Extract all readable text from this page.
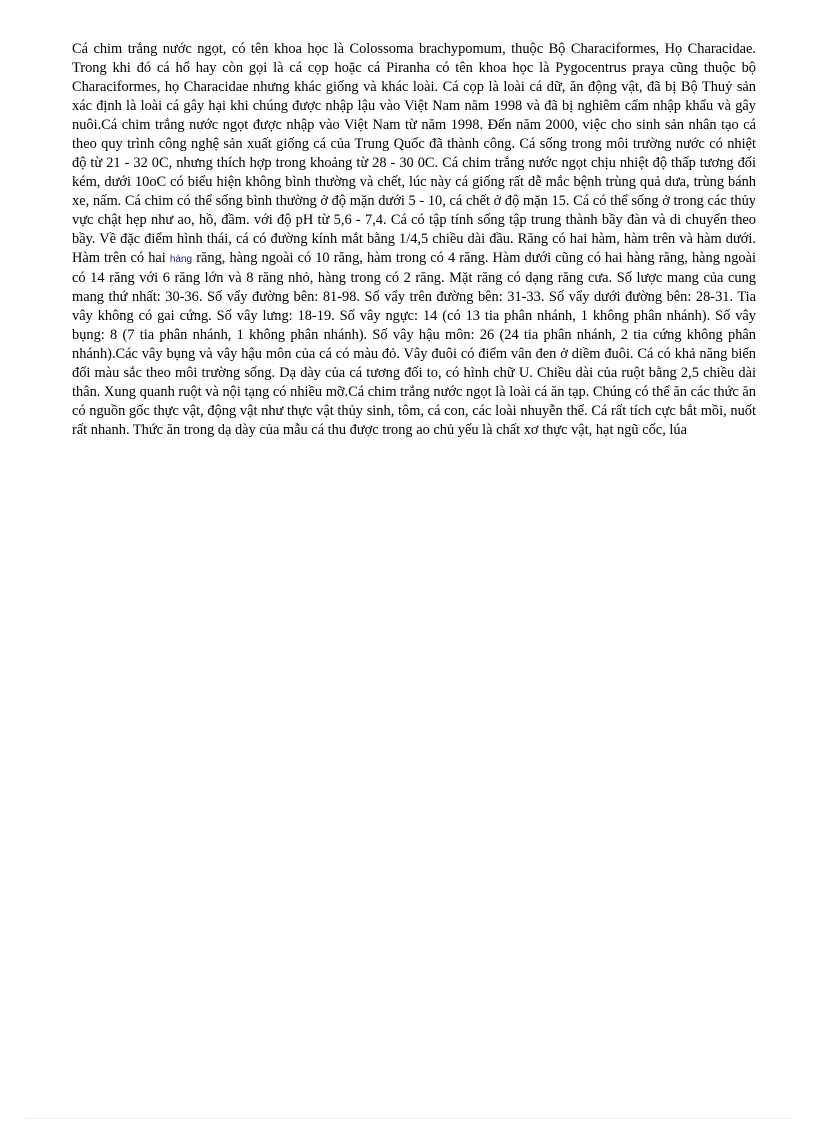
Cá chim trắng nước ngọt, có tên khoa học là Colossoma brachypomum, thuộc Bộ Characiformes, Họ Characidae. Trong khi đó cá hổ hay còn gọi là cá cọp hoặc cá Piranha có tên khoa học là Pygocentrus praya cũng thuộc bộ Characiformes, họ Characidae nhưng khác giống và khác loài. Cá cọp là loài cá dữ, ăn động vật, đã bị Bộ Thuỷ sản xác định là loài cá gây hại khi chúng được nhập lậu vào Việt Nam năm 1998 và đã bị nghiêm cấm nhập khẩu và gây nuôi.Cá chim trắng nước ngọt được nhập vào Việt Nam từ năm 1998. Đến năm 2000, việc cho sinh sản nhân tạo cá theo quy trình công nghệ sản xuất giống cá của Trung Quốc đã thành công. Cá sống trong môi trường nước có nhiệt độ từ 21 - 32 0C, nhưng thích hợp trong khoảng từ 28 - 30 0C. Cá chim trắng nước ngọt chịu nhiệt độ thấp tương đối kém, dưới 10oC có biểu hiện không bình thường và chết, lúc này cá giống rất dễ mắc bệnh trùng quả dưa, trùng bánh xe, nấm. Cá chim có thể sống bình thường ở độ mặn dưới 5 - 10, cá chết ở độ mặn 15. Cá có thể sống ở trong các thủy vực chật hẹp như ao, hồ, đầm. với độ pH từ 5,6 - 7,4. Cá có tập tính sống tập trung thành bầy đàn và di chuyển theo bầy. Về đặc điểm hình thái, cá có đường kính mắt bằng 1/4,5 chiều dài đầu. Răng có hai hàm, hàm trên và hàm dưới. Hàm trên có hai hàng răng, hàng ngoài có 10 răng, hàm trong có 4 răng. Hàm dưới cũng có hai hàng răng, hàng ngoài có 14 răng với 6 răng lớn và 8 răng nhỏ, hàng trong có 2 răng. Mặt răng có dạng răng cưa. Số lược mang của cung mang thứ nhất: 30-36. Số vẩy đường bên: 81-98. Số vẩy trên đường bên: 31-33. Số vẩy dưới đường bên: 28-31. Tia vây không có gai cứng. Số vây lưng: 18-19. Số vây ngực: 14 (có 13 tia phân nhánh, 1 không phân nhánh). Số vây bụng: 8 (7 tia phân nhánh, 1 không phân nhánh). Số vây hậu môn: 26 (24 tia phân nhánh, 2 tia cứng không phân nhánh).Các vây bụng và vây hậu môn của cá có màu đỏ. Vây đuôi có điểm vân đen ở diềm đuôi. Cá có khả năng biến đổi màu sắc theo môi trường sống. Dạ dày của cá tương đối to, có hình chữ U. Chiều dài của ruột bằng 2,5 chiều dài thân. Xung quanh ruột và nội tạng có nhiều mỡ.Cá chim trắng nước ngọt là loài cá ăn tạp. Chúng có thể ăn các thức ăn có nguồn gốc thực vật, động vật như thực vật thủy sinh, tôm, cá con, các loài nhuyễn thể. Cá rất tích cực bắt mồi, nuốt rất nhanh. Thức ăn trong dạ dày của mẫu cá thu được trong ao chủ yếu là chất xơ thực vật, hạt ngũ cốc, lúa
